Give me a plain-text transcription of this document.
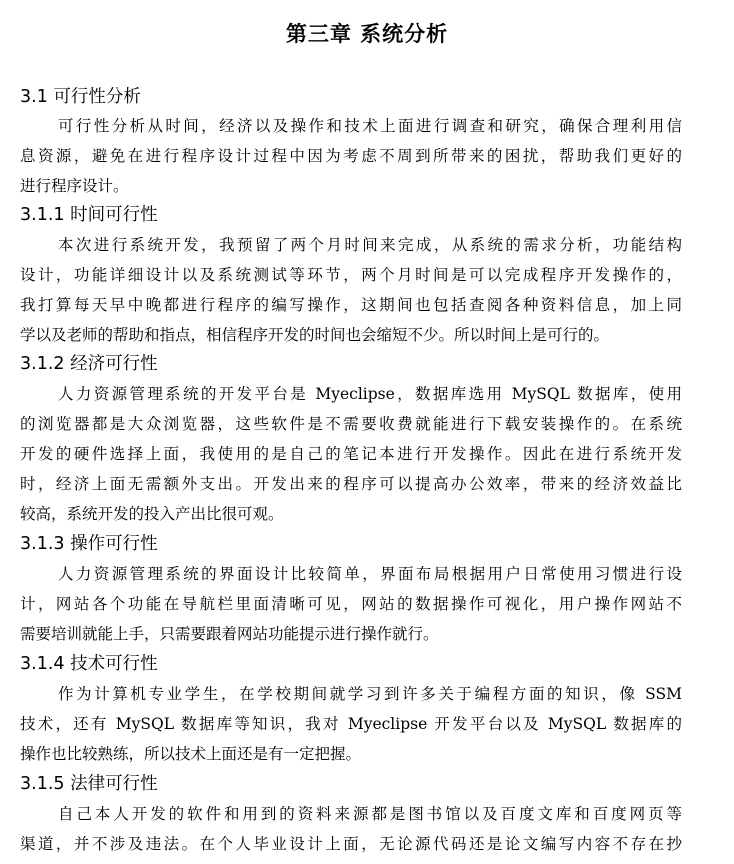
第三章 系统分析
3.1 可行性分析
可行性分析从时间，经济以及操作和技术上面进行调查和研究，确保合理利用信
息资源，避免在进行程序设计过程中因为考虑不周到所带来的困扰，帮助我们更好的
进行程序设计。
3.1.1 时间可行性
本次进行系统开发，我预留了两个月时间来完成，从系统的需求分析，功能结构
设计，功能详细设计以及系统测试等环节，两个月时间是可以完成程序开发操作的，
我打算每天早中晚都进行程序的编写操作，这期间也包括查阅各种资料信息，加上同
学以及老师的帮助和指点，相信程序开发的时间也会缩短不少。所以时间上是可行的。
3.1.2 经济可行性
人力资源管理系统的开发平台是 Myeclipse，数据库选用 MySQL 数据库，使用
的浏览器都是大众浏览器，这些软件是不需要收费就能进行下载安装操作的。在系统
开发的硬件选择上面，我使用的是自己的笔记本进行开发操作。因此在进行系统开发
时，经济上面无需额外支出。开发出来的程序可以提高办公效率，带来的经济效益比
较高，系统开发的投入产出比很可观。
3.1.3 操作可行性
人力资源管理系统的界面设计比较简单，界面布局根据用户日常使用习惯进行设
计，网站各个功能在导航栏里面清晰可见，网站的数据操作可视化，用户操作网站不
需要培训就能上手，只需要跟着网站功能提示进行操作就行。
3.1.4 技术可行性
作为计算机专业学生，在学校期间就学习到许多关于编程方面的知识，像 SSM
技术，还有 MySQL 数据库等知识，我对 Myeclipse 开发平台以及 MySQL 数据库的
操作也比较熟练，所以技术上面还是有一定把握。
3.1.5 法律可行性
自己本人开发的软件和用到的资料来源都是图书馆以及百度文库和百度网页等
渠道，并不涉及违法。在个人毕业设计上面，无论源代码还是论文编写内容不存在抄
